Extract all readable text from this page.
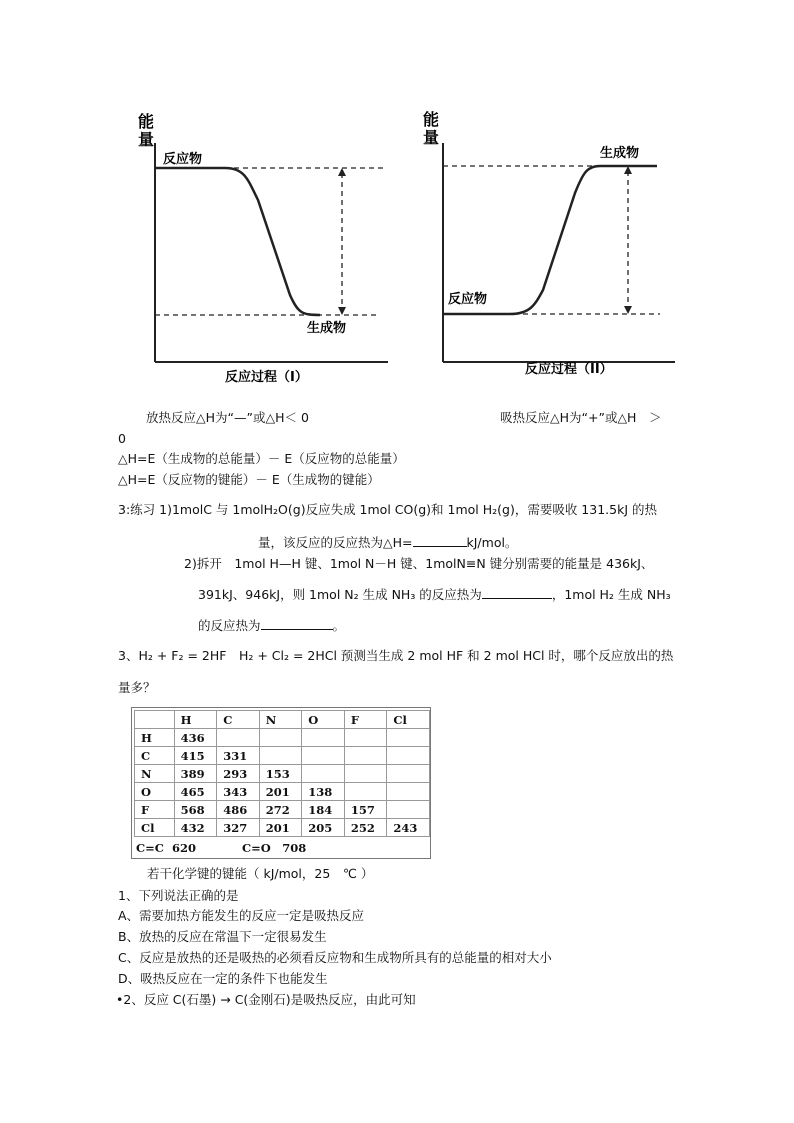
能
量
反应物
生成物
反应过程（I）
能
量
生成物
反应物
反应过程（II）
放热反应△H为“—”或△H＜ 0	吸热反应△H为“+”或△H　＞
0
△H=E（生成物的总能量）－ E（反应物的总能量）
△H=E（反应物的键能）－ E（生成物的键能）
3:练习 1)1molC 与 1molH₂O(g)反应失成 1mol CO(g)和 1mol H₂(g)，需要吸收 131.5kJ 的热
量，该反应的反应热为△H=	kJ/mol。
2)拆开　1mol H—H 键、1mol N－H 键、1molN≡N 键分别需要的能量是 436kJ、
391kJ、946kJ，则 1mol N₂ 生成 NH₃ 的反应热为	，1mol H₂ 生成 NH₃
的反应热为	。
3、H₂ + F₂ = 2HF　H₂ + Cl₂ = 2HCl 预测当生成 2 mol HF 和 2 mol HCl 时，哪个反应放出的热
量多？
	H	C	N	O	F	Cl
H	436					
C	415	331				
N	389	293	153			
O	465	343	201	138		
F	568	486	272	184	157	
Cl	432	327	201	205	252	243
C=C  620　　　　C=O　708
若干化学键的键能（ kJ/mol，25　℃ ）
1、下列说法正确的是
A、需要加热方能发生的反应一定是吸热反应
B、放热的反应在常温下一定很易发生
C、反应是放热的还是吸热的必须看反应物和生成物所具有的总能量的相对大小
D、吸热反应在一定的条件下也能发生
•2、反应 C(石墨) → C(金刚石)是吸热反应，由此可知
